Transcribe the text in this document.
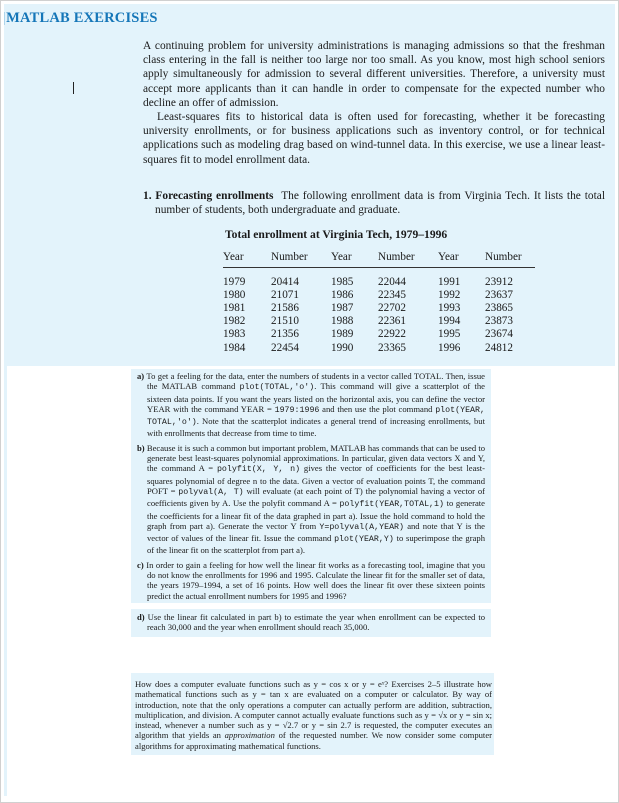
|MATLAB EXERCISES

A continuing problem for university administrations is managing admissions so that the freshman class entering in the fall is neither too large nor too small. As you know, most high school seniors apply simultaneously for admission to several different universities. Therefore, a university must accept more applicants than it can handle in order to compensate for the expected number who decline an offer of admission.

Least-squares fits to historical data is often used for forecasting, whether it be forecasting university enrollments, or for business applications such as inventory control, or for technical applications such as modeling drag based on wind-tunnel data. In this exercise, we use a linear least-squares fit to model enrollment data.

1. Forecasting enrollments The following enrollment data is from Virginia Tech. It lists the total number of students, both undergraduate and graduate.
Total enrollment at Virginia Tech, 1979–1996
Year	Number	Year	Number	Year	Number
1979	20414	1985	22044	1991	23912
1980	21071	1986	22345	1992	23637
1981	21586	1987	22702	1993	23865
1982	21510	1988	22361	1994	23873
1983	21356	1989	22922	1995	23674
1984	22454	1990	23365	1996	24812
a) To get a feeling for the data, enter the numbers of students in a vector called TOTAL. Then, issue the MATLAB command plot(TOTAL,'o'). This command will give a scatterplot of the sixteen data points. If you want the years listed on the horizontal axis, you can define the vector YEAR with the command YEAR = 1979:1996 and then use the plot command plot(YEAR, TOTAL,'o'). Note that the scatterplot indicates a general trend of increasing enrollments, but with enrollments that decrease from time to time.
b) Because it is such a common but important problem, MATLAB has commands that can be used to generate best least-squares polynomial approximations. In particular, given data vectors X and Y, the command A = polyfit(X, Y, n) gives the vector of coefficients for the best least-squares polynomial of degree n to the data. Given a vector of evaluation points T, the command POFT = polyval(A, T) will evaluate (at each point of T) the polynomial having a vector of coefficients given by A. Use the polyfit command A = polyfit(YEAR,TOTAL,1) to generate the coefficients for a linear fit of the data graphed in part a). Issue the hold command to hold the graph from part a). Generate the vector Y from Y=polyval(A,YEAR) and note that Y is the vector of values of the linear fit. Issue the command plot(YEAR,Y) to superimpose the graph of the linear fit on the scatterplot from part a).
c) In order to gain a feeling for how well the linear fit works as a forecasting tool, imagine that you do not know the enrollments for 1996 and 1995. Calculate the linear fit for the smaller set of data, the years 1979–1994, a set of 16 points. How well does the linear fit over these sixteen points predict the actual enrollment numbers for 1995 and 1996?
d) Use the linear fit calculated in part b) to estimate the year when enrollment can be expected to reach 30,000 and the year when enrollment should reach 35,000.
How does a computer evaluate functions such as y = cos x or y = eˣ? Exercises 2–5 illustrate how mathematical functions such as y = tan x are evaluated on a computer or calculator. By way of introduction, note that the only operations a computer can actually perform are addition, subtraction, multiplication, and division. A computer cannot actually evaluate functions such as y = √x or y = sin x; instead, whenever a number such as y = √2.7 or y = sin 2.7 is requested, the computer executes an algorithm that yields an approximation of the requested number. We now consider some computer algorithms for approximating mathematical functions.
